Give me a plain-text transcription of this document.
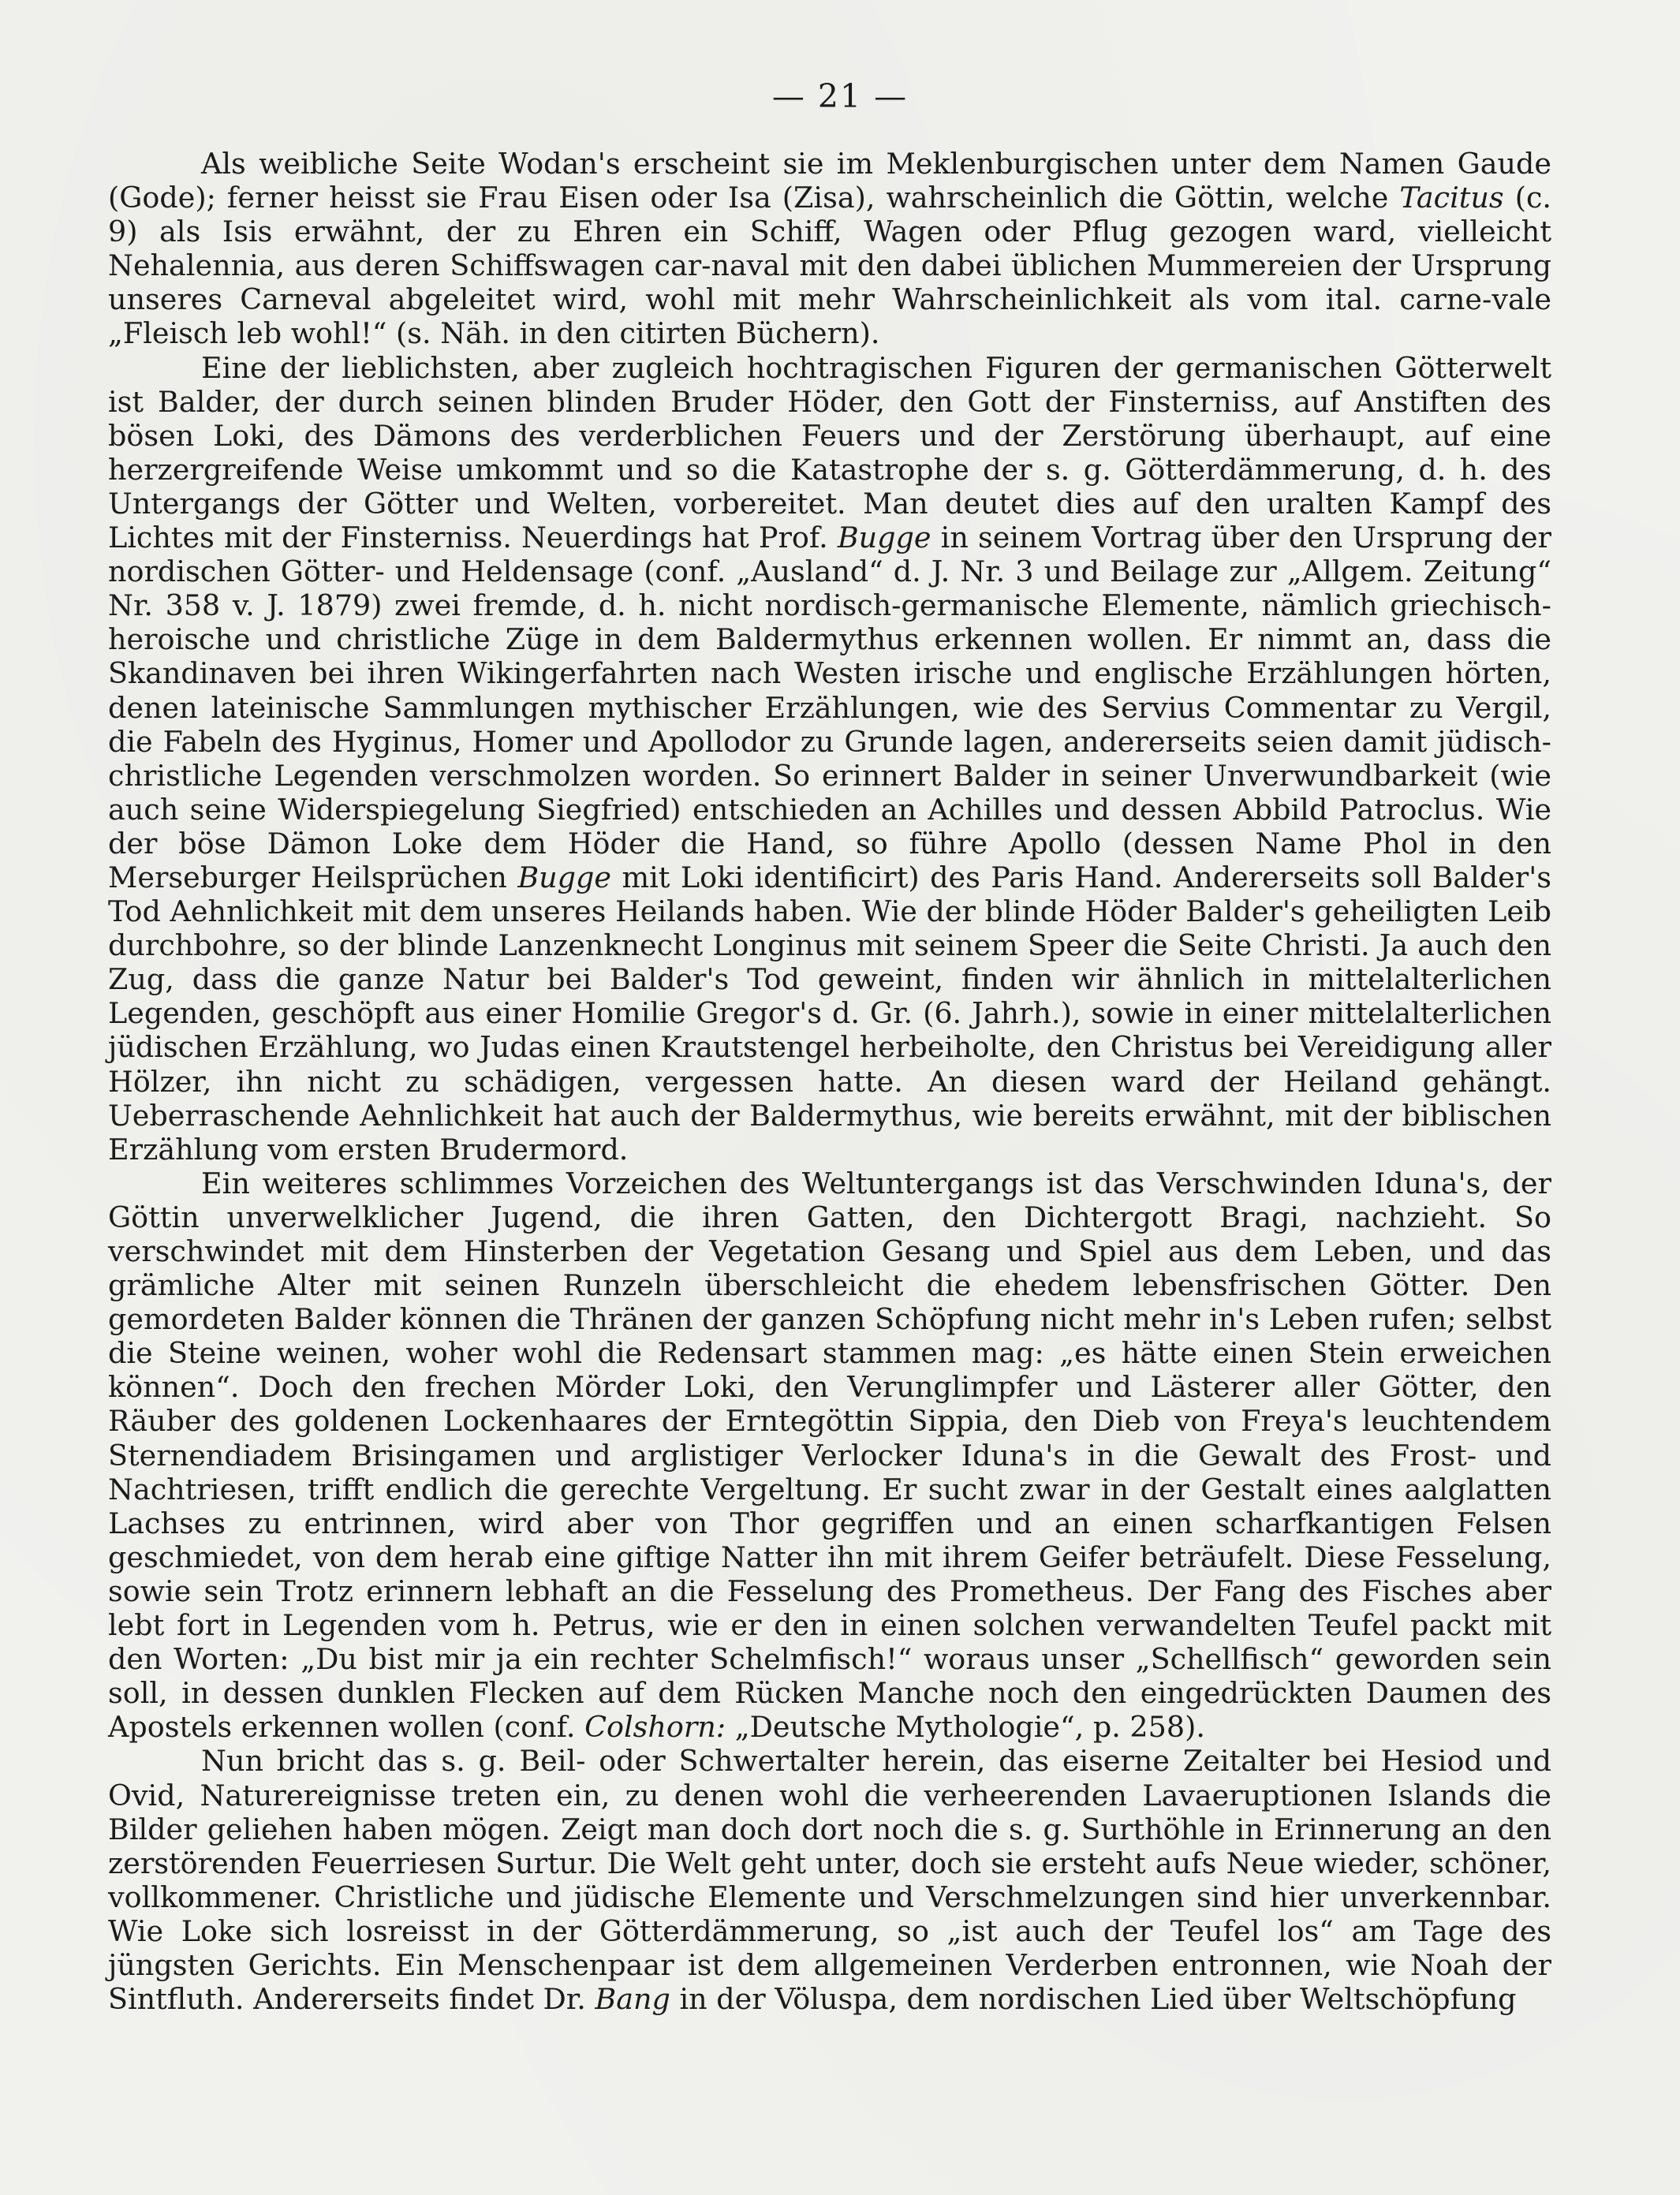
— 21 —

Als weibliche Seite Wodan's erscheint sie im Meklenburgischen unter dem Namen Gaude (Gode); ferner heisst sie Frau Eisen oder Isa (Zisa), wahrscheinlich die Göttin, welche Tacitus (c. 9) als Isis erwähnt, der zu Ehren ein Schiff, Wagen oder Pflug gezogen ward, vielleicht Nehalennia, aus deren Schiffswagen car-naval mit den dabei üblichen Mummereien der Ursprung unseres Carneval abgeleitet wird, wohl mit mehr Wahrscheinlichkeit als vom ital. carne-vale „Fleisch leb wohl!“ (s. Näh. in den citirten Büchern).

Eine der lieblichsten, aber zugleich hochtragischen Figuren der germanischen Götterwelt ist Balder, der durch seinen blinden Bruder Höder, den Gott der Finsterniss, auf Anstiften des bösen Loki, des Dämons des verderblichen Feuers und der Zerstörung überhaupt, auf eine herzergreifende Weise umkommt und so die Katastrophe der s. g. Götterdämmerung, d. h. des Untergangs der Götter und Welten, vorbereitet. Man deutet dies auf den uralten Kampf des Lichtes mit der Finsterniss. Neuerdings hat Prof. Bugge in seinem Vortrag über den Ursprung der nordischen Götter- und Heldensage (conf. „Ausland“ d. J. Nr. 3 und Beilage zur „Allgem. Zeitung“ Nr. 358 v. J. 1879) zwei fremde, d. h. nicht nordisch-germanische Elemente, nämlich griechisch-heroische und christliche Züge in dem Baldermythus erkennen wollen. Er nimmt an, dass die Skandinaven bei ihren Wikingerfahrten nach Westen irische und englische Erzählungen hörten, denen lateinische Sammlungen mythischer Erzählungen, wie des Servius Commentar zu Vergil, die Fabeln des Hyginus, Homer und Apollodor zu Grunde lagen, andererseits seien damit jüdisch-christliche Legenden verschmolzen worden. So erinnert Balder in seiner Unverwundbarkeit (wie auch seine Widerspiegelung Siegfried) entschieden an Achilles und dessen Abbild Patroclus. Wie der böse Dämon Loke dem Höder die Hand, so führe Apollo (dessen Name Phol in den Merseburger Heilsprüchen Bugge mit Loki identificirt) des Paris Hand. Andererseits soll Balder's Tod Aehnlichkeit mit dem unseres Heilands haben. Wie der blinde Höder Balder's geheiligten Leib durchbohre, so der blinde Lanzenknecht Longinus mit seinem Speer die Seite Christi. Ja auch den Zug, dass die ganze Natur bei Balder's Tod geweint, finden wir ähnlich in mittelalterlichen Legenden, geschöpft aus einer Homilie Gregor's d. Gr. (6. Jahrh.), sowie in einer mittelalterlichen jüdischen Erzählung, wo Judas einen Krautstengel herbeiholte, den Christus bei Vereidigung aller Hölzer, ihn nicht zu schädigen, vergessen hatte. An diesen ward der Heiland gehängt. Ueberraschende Aehnlichkeit hat auch der Baldermythus, wie bereits erwähnt, mit der biblischen Erzählung vom ersten Brudermord.

Ein weiteres schlimmes Vorzeichen des Weltuntergangs ist das Verschwinden Iduna's, der Göttin unverwelklicher Jugend, die ihren Gatten, den Dichtergott Bragi, nachzieht. So verschwindet mit dem Hinsterben der Vegetation Gesang und Spiel aus dem Leben, und das grämliche Alter mit seinen Runzeln überschleicht die ehedem lebensfrischen Götter. Den gemordeten Balder können die Thränen der ganzen Schöpfung nicht mehr in's Leben rufen; selbst die Steine weinen, woher wohl die Redensart stammen mag: „es hätte einen Stein erweichen können“. Doch den frechen Mörder Loki, den Verunglimpfer und Lästerer aller Götter, den Räuber des goldenen Lockenhaares der Erntegöttin Sippia, den Dieb von Freya's leuchtendem Sternendiadem Brisingamen und arglistiger Verlocker Iduna's in die Gewalt des Frost- und Nachtriesen, trifft endlich die gerechte Vergeltung. Er sucht zwar in der Gestalt eines aalglatten Lachses zu entrinnen, wird aber von Thor gegriffen und an einen scharfkantigen Felsen geschmiedet, von dem herab eine giftige Natter ihn mit ihrem Geifer beträufelt. Diese Fesselung, sowie sein Trotz erinnern lebhaft an die Fesselung des Prometheus. Der Fang des Fisches aber lebt fort in Legenden vom h. Petrus, wie er den in einen solchen verwandelten Teufel packt mit den Worten: „Du bist mir ja ein rechter Schelmfisch!“ woraus unser „Schellfisch“ geworden sein soll, in dessen dunklen Flecken auf dem Rücken Manche noch den eingedrückten Daumen des Apostels erkennen wollen (conf. Colshorn: „Deutsche Mythologie“, p. 258).

Nun bricht das s. g. Beil- oder Schwertalter herein, das eiserne Zeitalter bei Hesiod und Ovid, Naturereignisse treten ein, zu denen wohl die verheerenden Lavaeruptionen Islands die Bilder geliehen haben mögen. Zeigt man doch dort noch die s. g. Surthöhle in Erinnerung an den zerstörenden Feuerriesen Surtur. Die Welt geht unter, doch sie ersteht aufs Neue wieder, schöner, vollkommener. Christliche und jüdische Elemente und Verschmelzungen sind hier unverkennbar. Wie Loke sich losreisst in der Götterdämmerung, so „ist auch der Teufel los“ am Tage des jüngsten Gerichts. Ein Menschenpaar ist dem allgemeinen Verderben entronnen, wie Noah der Sintfluth. Andererseits findet Dr. Bang in der Völuspa, dem nordischen Lied über Weltschöpfung
